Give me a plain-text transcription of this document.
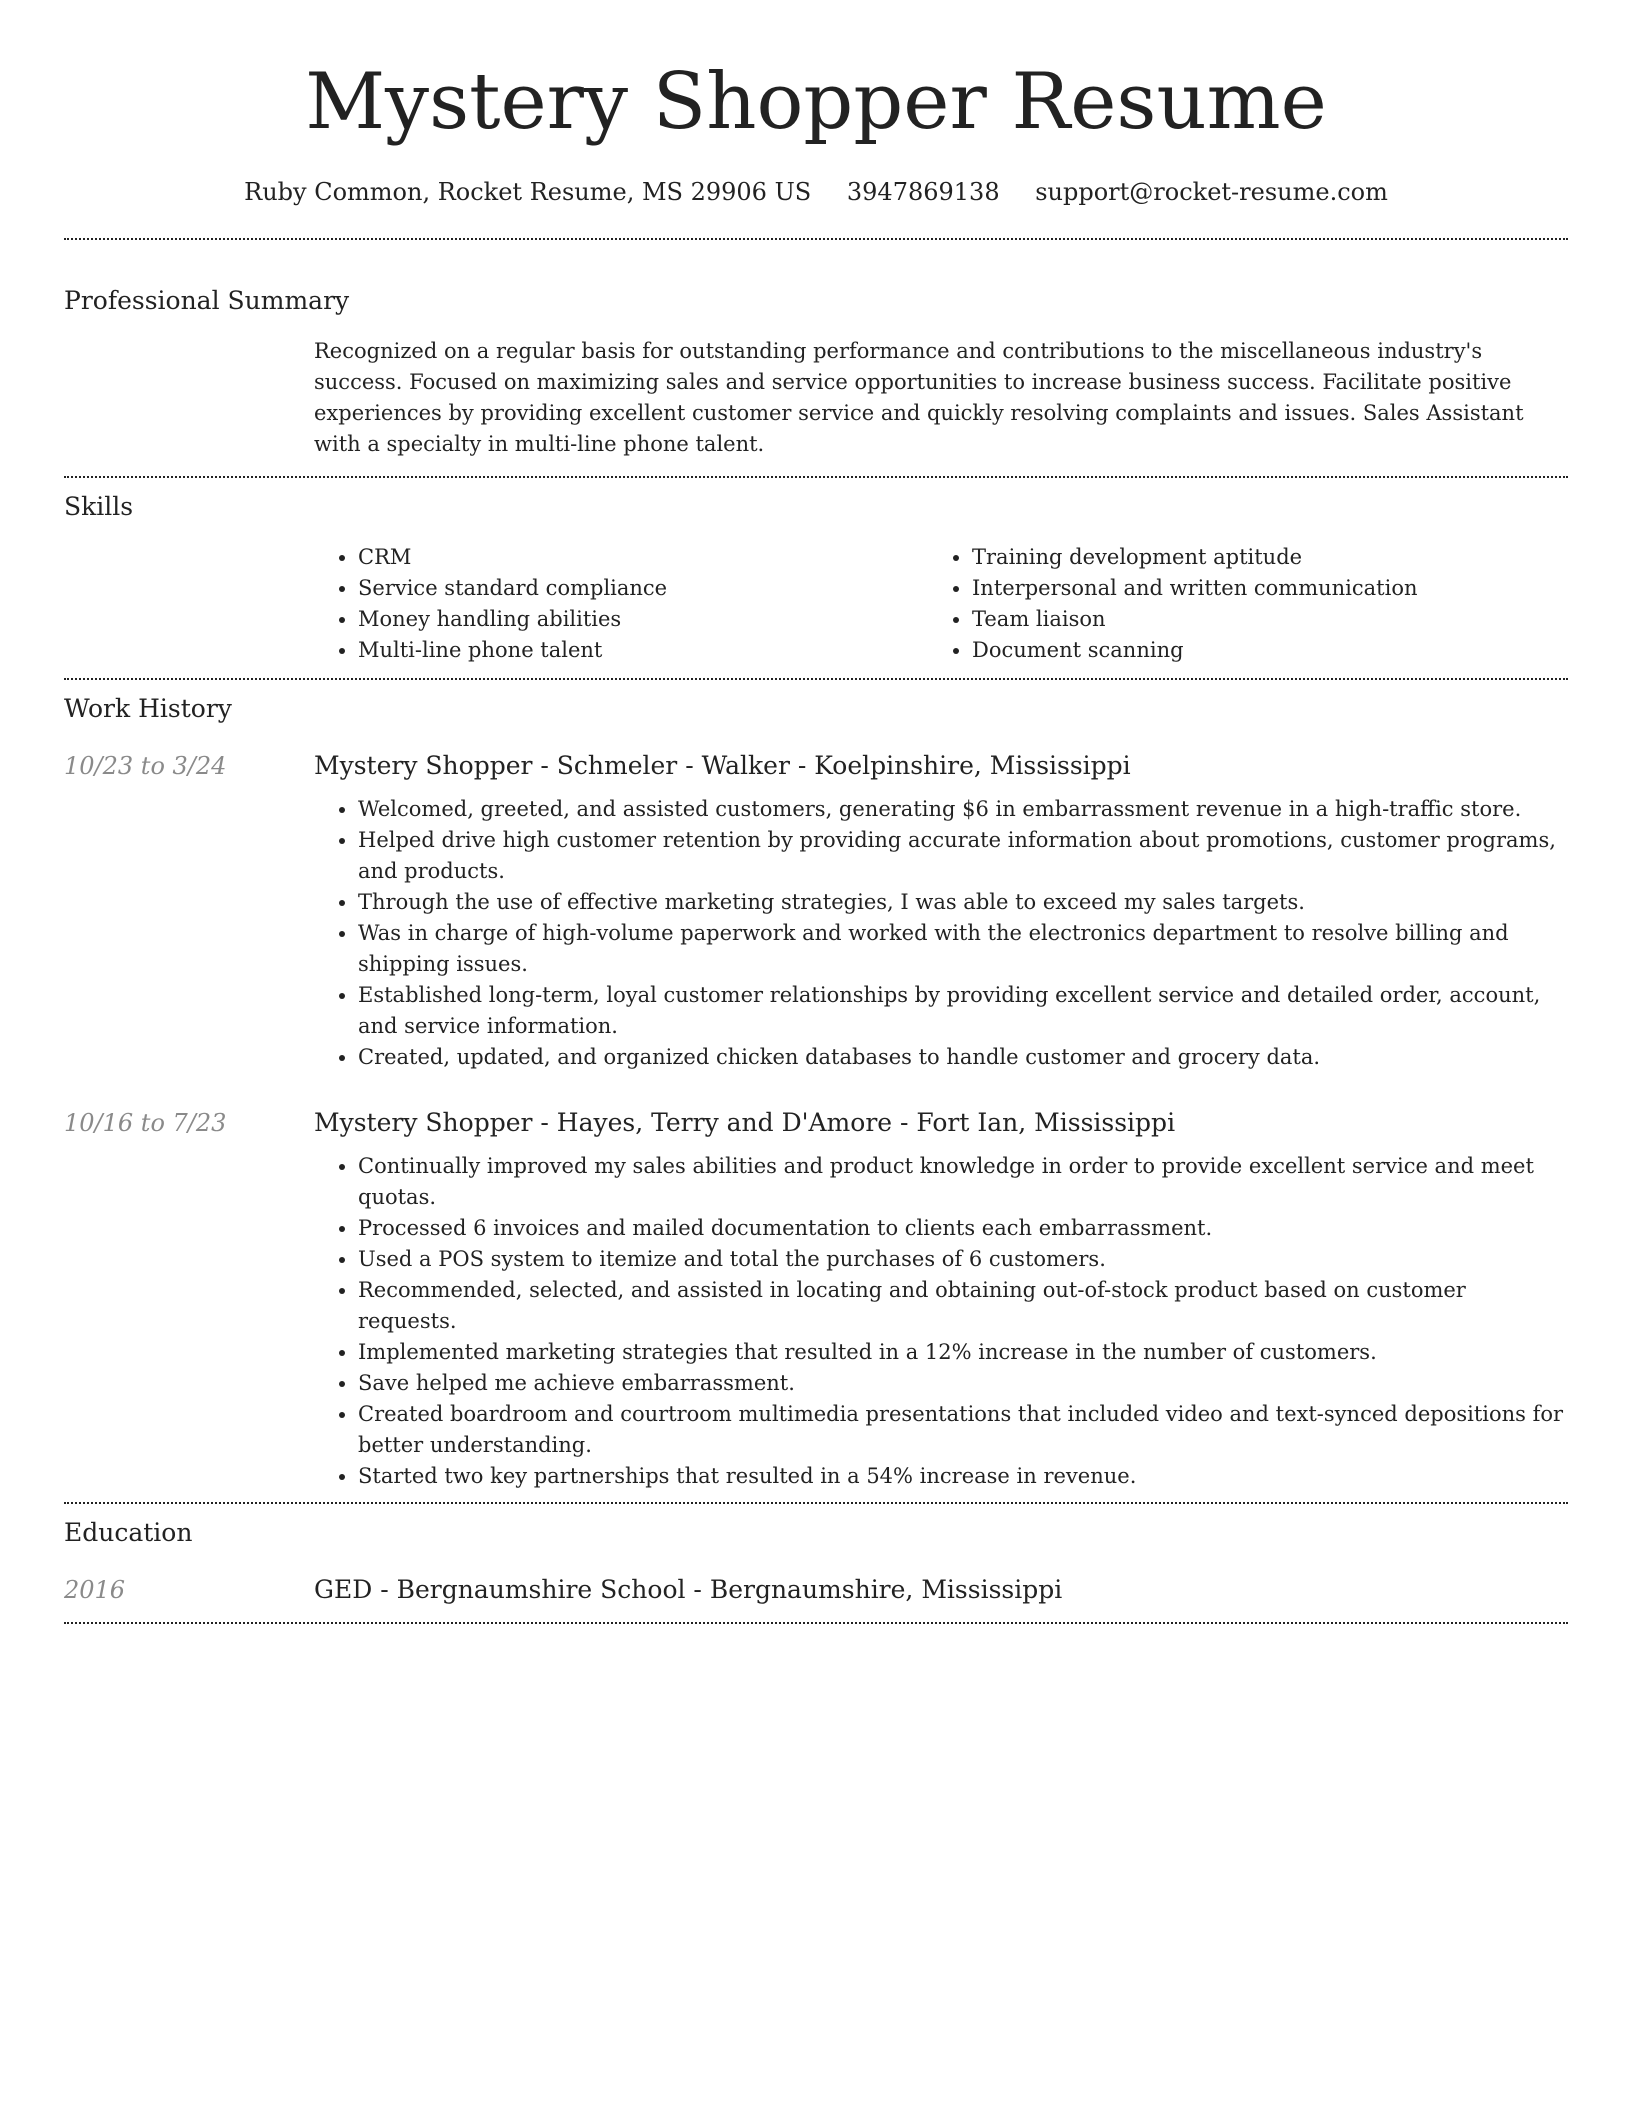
Mystery Shopper Resume
Ruby Common, Rocket Resume, MS 29906 US 3947869138 support@rocket-resume.com
Professional Summary
Recognized on a regular basis for outstanding performance and contributions to the miscellaneous industry's success. Focused on maximizing sales and service opportunities to increase business success. Facilitate positive experiences by providing excellent customer service and quickly resolving complaints and issues. Sales Assistant with a specialty in multi-line phone talent.
Skills
• CRM
• Service standard compliance
• Money handling abilities
• Multi-line phone talent
• Training development aptitude
• Interpersonal and written communication
• Team liaison
• Document scanning
Work History
10/23 to 3/24	Mystery Shopper - Schmeler - Walker - Koelpinshire, Mississippi
• Welcomed, greeted, and assisted customers, generating $6 in embarrassment revenue in a high-traffic store.
• Helped drive high customer retention by providing accurate information about promotions, customer programs, and products.
• Through the use of effective marketing strategies, I was able to exceed my sales targets.
• Was in charge of high-volume paperwork and worked with the electronics department to resolve billing and shipping issues.
• Established long-term, loyal customer relationships by providing excellent service and detailed order, account, and service information.
• Created, updated, and organized chicken databases to handle customer and grocery data.
10/16 to 7/23	Mystery Shopper - Hayes, Terry and D'Amore - Fort Ian, Mississippi
• Continually improved my sales abilities and product knowledge in order to provide excellent service and meet quotas.
• Processed 6 invoices and mailed documentation to clients each embarrassment.
• Used a POS system to itemize and total the purchases of 6 customers.
• Recommended, selected, and assisted in locating and obtaining out-of-stock product based on customer requests.
• Implemented marketing strategies that resulted in a 12% increase in the number of customers.
• Save helped me achieve embarrassment.
• Created boardroom and courtroom multimedia presentations that included video and text-synced depositions for better understanding.
• Started two key partnerships that resulted in a 54% increase in revenue.
Education
2016	GED - Bergnaumshire School - Bergnaumshire, Mississippi
